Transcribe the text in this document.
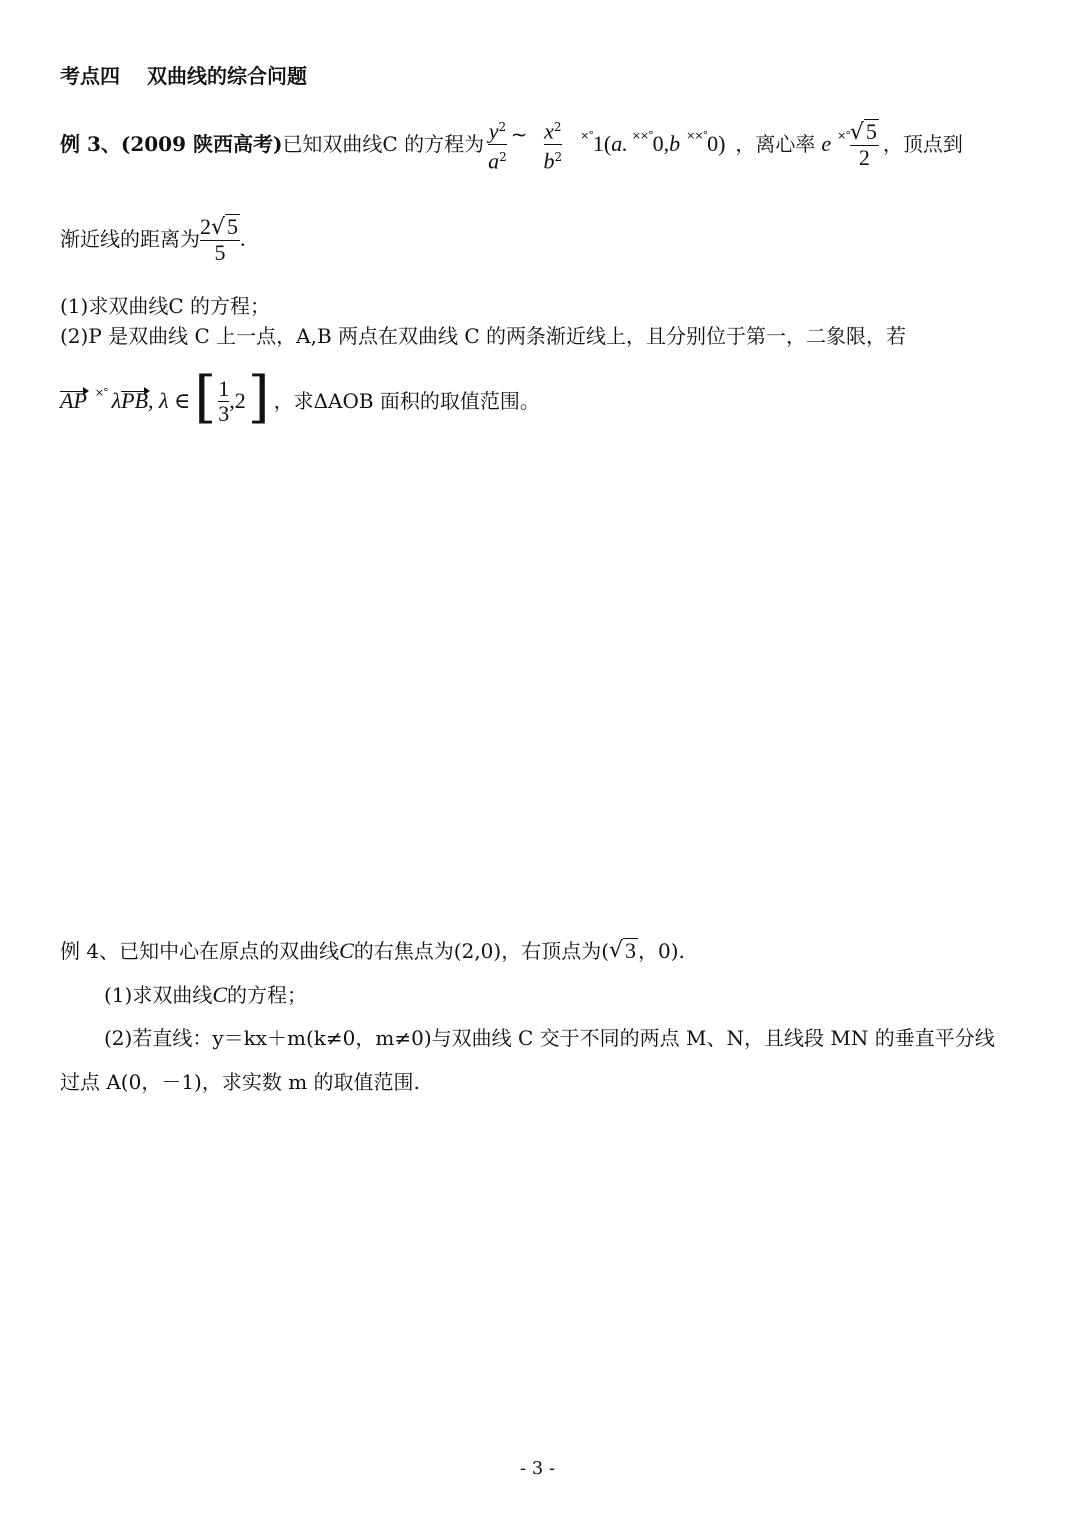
考点四　 双曲线的综合问题
例 3、(2009 陕西高考) 已知双曲线C 的方程为 $\frac{y^2}{a^2}$ ~ $\frac{x^2}{b^2}$ ×° 1( a. ××° 0, b ××° 0) ，离心率 e ×° $\frac{√5}{2}$ ，顶点到
渐近线的距离为 $\frac{2√5}{5}$ .
(1)求双曲线C 的方程；
(2)P 是双曲线 C 上一点，A,B 两点在双曲线 C 的两条渐近线上，且分别位于第一，二象限，若
AP ×° λ PB , λ ∈ [ $\frac{1}{3} ,2$ ] ，求ΔAOB 面积的取值范围。
例 4、已知中心在原点的双曲线 C 的右焦点为(2,0)，右顶点为( √ 3 ，0).
(1)求双曲线 C 的方程；
(2)若直线：y＝kx＋m(k≠0，m≠0)与双曲线 C 交于不同的两点 M、N，且线段 MN 的垂直平分线
过点 A(0，－1)，求实数 m 的取值范围.
- 3 -
